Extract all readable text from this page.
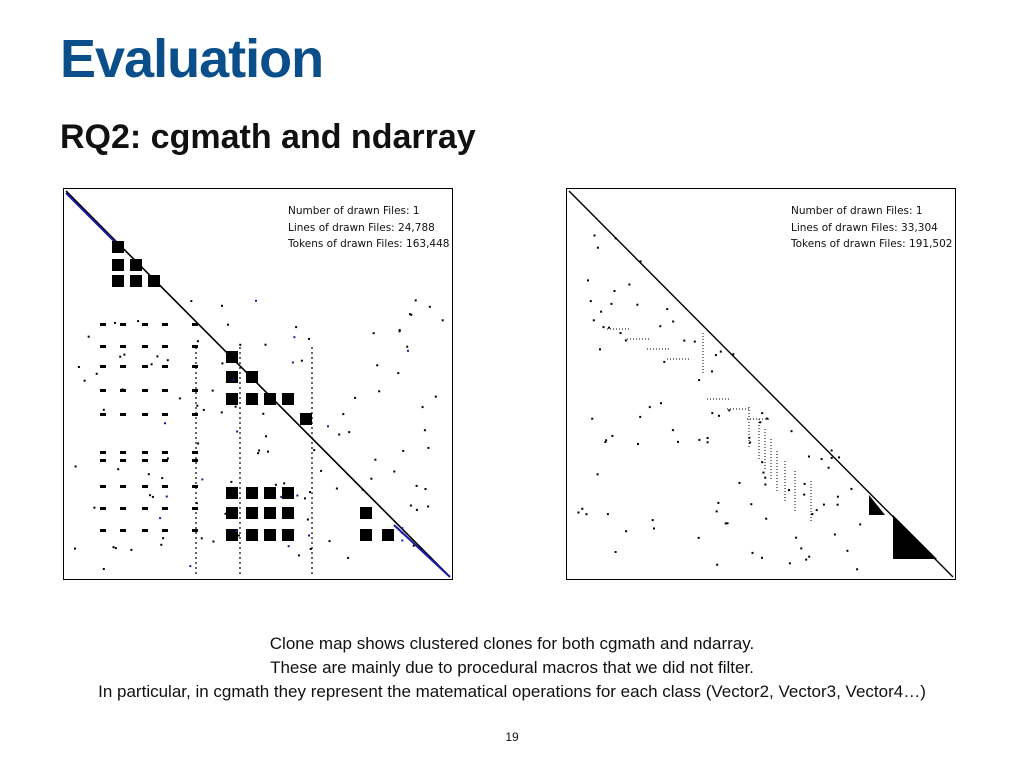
Evaluation
RQ2: cgmath and ndarray
Number of drawn Files: 1
Lines of drawn Files: 24,788
Tokens of drawn Files: 163,448
Number of drawn Files: 1
Lines of drawn Files: 33,304
Tokens of drawn Files: 191,502
Clone map shows clustered clones for both cgmath and ndarray.
These are mainly due to procedural macros that we did not filter.
In particular, in cgmath they represent the matematical operations for each class (Vector2, Vector3, Vector4…)
19
